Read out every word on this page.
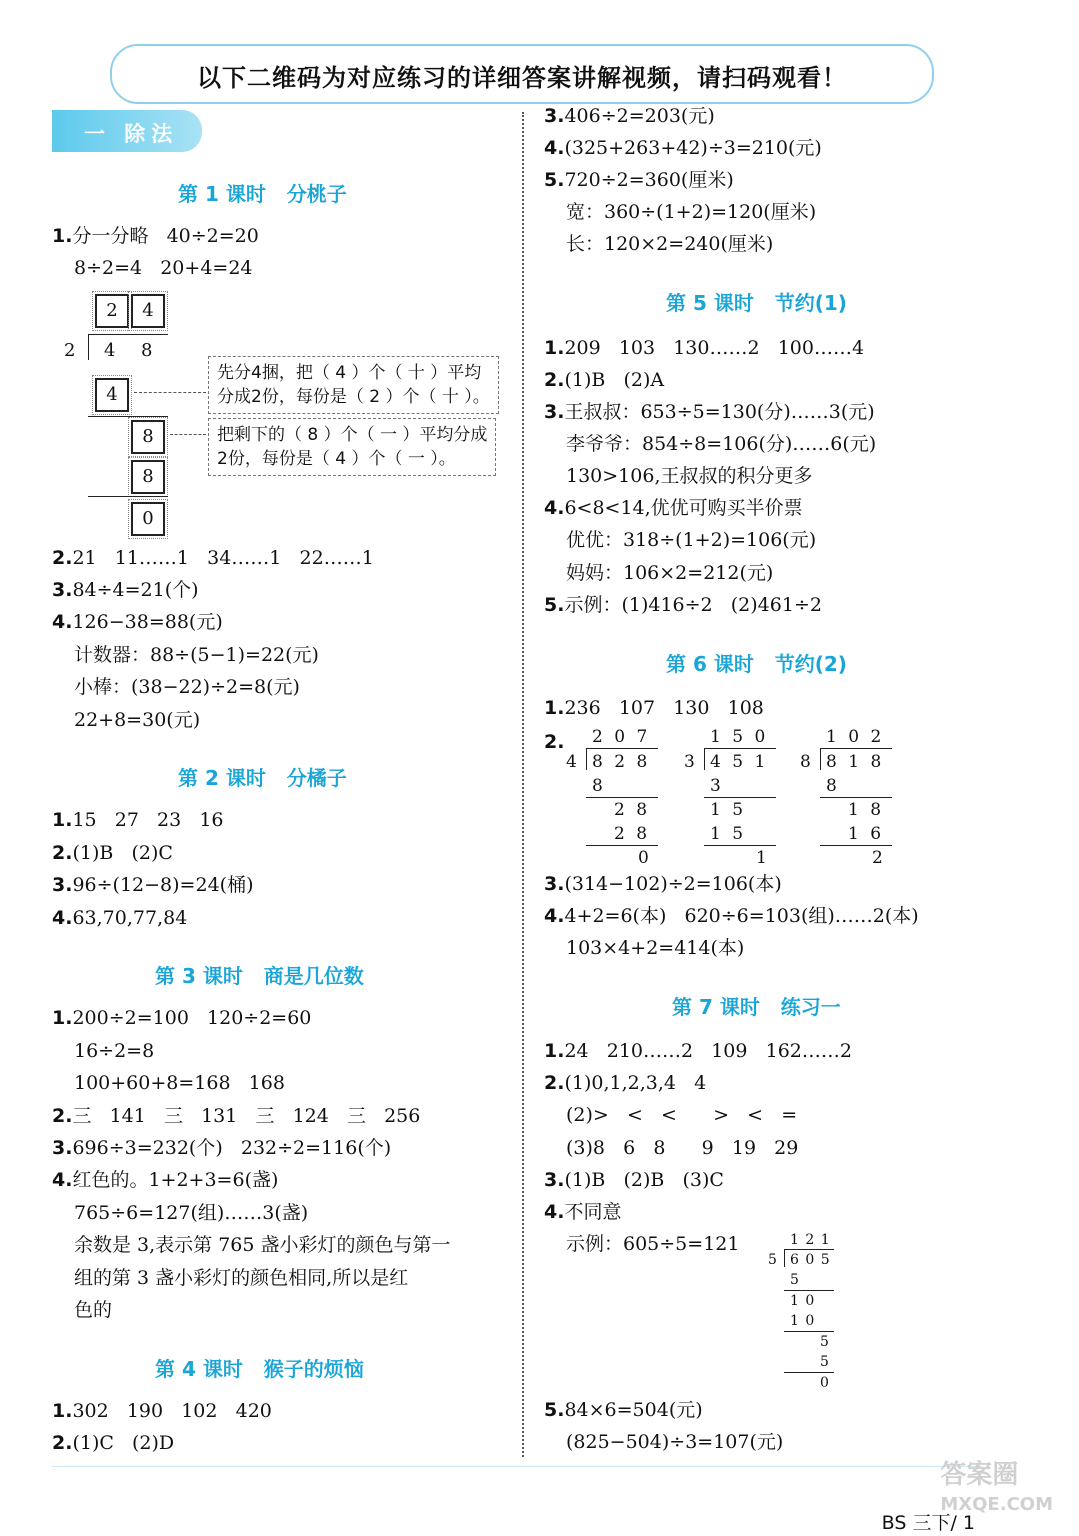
以下二维码为对应练习的详细答案讲解视频，请扫码观看！
一 除法
第 1 课时   分桃子
1.分一分略   40÷2=20
8÷2=4   20+4=24
2	4
2 4 8
4
8
8
0
先分4捆，把（ 4 ）个（ 十 ）平均
分成2份，每份是（ 2 ）个（ 十 ）。
把剩下的（ 8 ）个（ 一 ）平均分成
2份，每份是（ 4 ）个（ 一 ）。
2.21   11……1   34……1   22……1
3.84÷4=21(个)
4.126−38=88(元)
计数器：88÷(5−1)=22(元)
小棒：(38−22)÷2=8(元)
22+8=30(元)
第 2 课时   分橘子
1.15   27   23   16
2.(1)B   (2)C
3.96÷(12−8)=24(桶)
4.63,70,77,84
第 3 课时   商是几位数
1.200÷2=100   120÷2=60
16÷2=8
100+60+8=168   168
2.三   141   三   131   三   124   三   256
3.696÷3=232(个)   232÷2=116(个)
4.红色的。1+2+3=6(盏)
765÷6=127(组)……3(盏)
余数是 3,表示第 765 盏小彩灯的颜色与第一
组的第 3 盏小彩灯的颜色相同,所以是红
色的
第 4 课时   猴子的烦恼
1.302   190   102   420
2.(1)C   (2)D
3.406÷2=203(元)
4.(325+263+42)÷3=210(元)
5.720÷2=360(厘米)
宽：360÷(1+2)=120(厘米)
长：120×2=240(厘米)
第 5 课时   节约(1)
1.209   103   130……2   100……4
2.(1)B   (2)A
3.王叔叔：653÷5=130(分)……3(元)
李爷爷：854÷8=106(分)……6(元)
130>106,王叔叔的积分更多
4.6<8<14,优优可购买半价票
优优：318÷(1+2)=106(元)
妈妈：106×2=212(元)
5.示例：(1)416÷2   (2)461÷2
第 6 课时   节约(2)
1.236   107   130   108
2. 2 0 7
4 8 2 8
8
2 8
2 8
0
1 5 0
3 4 5 1
3
1 5
1 5
1
1 0 2
8 8 1 8
8
1 8
1 6
2
3.(314−102)÷2=106(本)
4.4+2=6(本)   620÷6=103(组)……2(本)
103×4+2=414(本)
第 7 课时   练习一
1.24   210……2   109   162……2
2.(1)0,1,2,3,4   4
(2)>   <   <      >   <   =
(3)8   6   8      9   19   29
3.(1)B   (2)B   (3)C
4.不同意
示例：605÷5=121	1 2 1
5 6 0 5
5
1 0
1 0
5
5
0
5.84×6=504(元)
(825−504)÷3=107(元)
BS 三下/ 1
答案圈
MXQE.COM
